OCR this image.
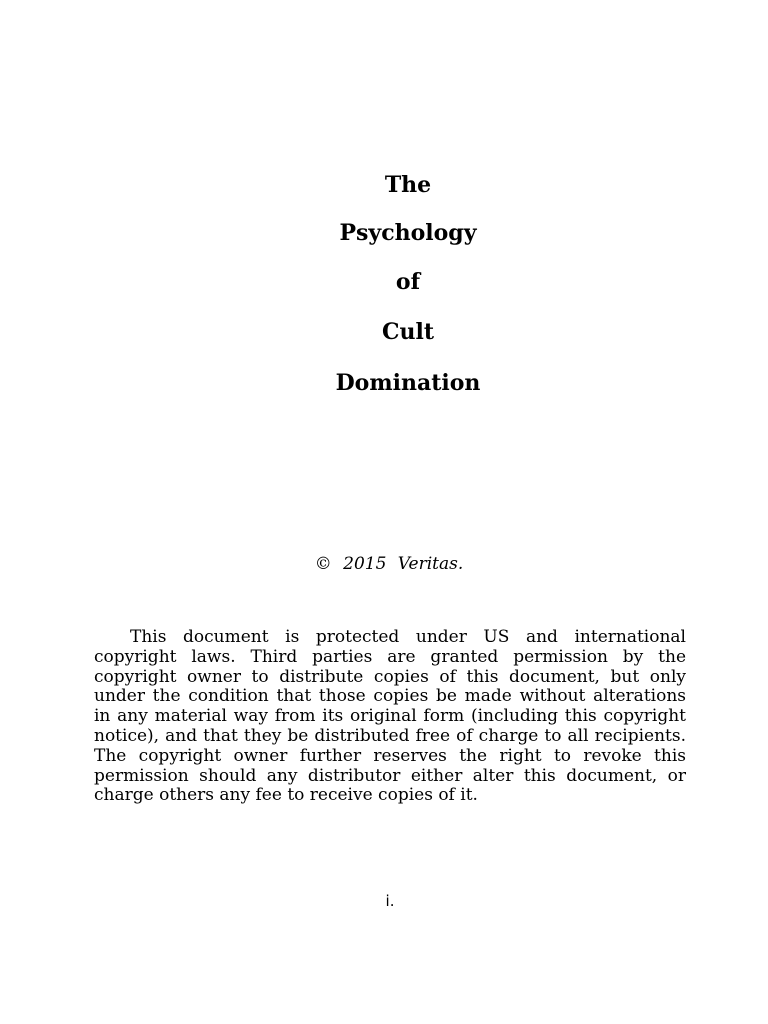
The

Psychology

of

Cult

Domination

© 2015 Veritas.

This document is protected under US and international copyright laws. Third parties are granted permission by the copyright owner to distribute copies of this document, but only under the condition that those copies be made without alterations in any material way from its original form (including this copyright notice), and that they be distributed free of charge to all recipients. The copyright owner further reserves the right to revoke this permission should any distributor either alter this document, or charge others any fee to receive copies of it.

i.
